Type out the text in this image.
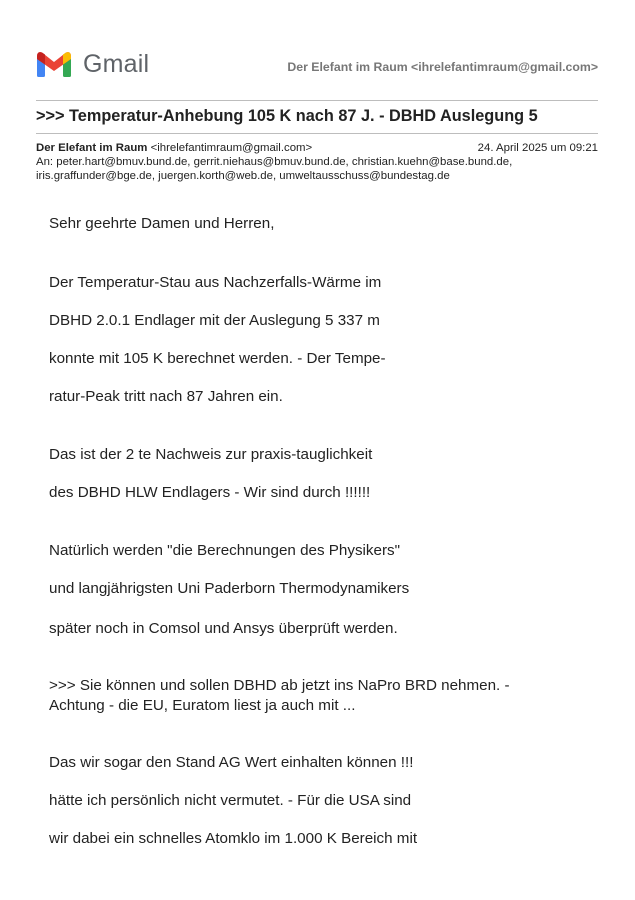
Gmail	Der Elefant im Raum <ihrelefantimraum@gmail.com>
>>> Temperatur-Anhebung 105 K nach 87 J. - DBHD Auslegung 5
Der Elefant im Raum <ihrelefantimraum@gmail.com>	24. April 2025 um 09:21
An: peter.hart@bmuv.bund.de, gerrit.niehaus@bmuv.bund.de, christian.kuehn@base.bund.de,
iris.graffunder@bge.de, juergen.korth@web.de, umweltausschuss@bundestag.de

Sehr geehrte Damen und Herren,

Der Temperatur-Stau aus Nachzerfalls-Wärme im

DBHD 2.0.1 Endlager mit der Auslegung 5 337 m

konnte mit 105 K berechnet werden. - Der Tempe-

ratur-Peak tritt nach 87 Jahren ein.

Das ist der 2 te Nachweis zur praxis-tauglichkeit

des DBHD HLW Endlagers - Wir sind durch !!!!!!

Natürlich werden "die Berechnungen des Physikers"

und langjährigsten Uni Paderborn Thermodynamikers

später noch in Comsol und Ansys überprüft werden.

>>> Sie können und sollen DBHD ab jetzt ins NaPro BRD nehmen. -

Achtung - die EU, Euratom liest ja auch mit ...

Das wir sogar den Stand AG Wert einhalten können !!!

hätte ich persönlich nicht vermutet. - Für die USA sind

wir dabei ein schnelles Atomklo im 1.000 K Bereich mit
